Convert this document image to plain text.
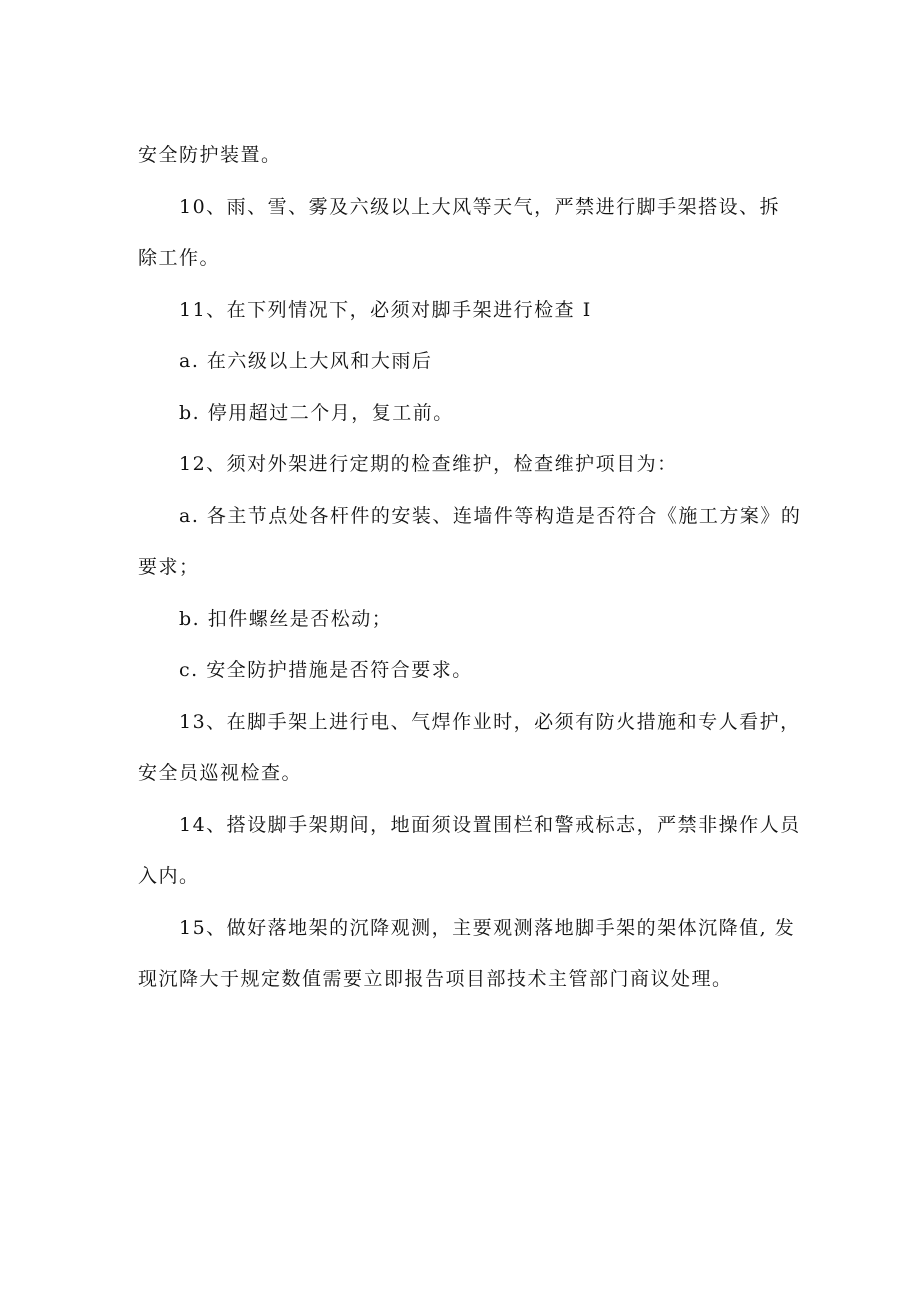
安全防护装置。
10、雨、雪、雾及六级以上大风等天气，严禁进行脚手架搭设、拆
除工作。
11、在下列情况下，必须对脚手架进行检查 I
a. 在六级以上大风和大雨后
b. 停用超过二个月，复工前。
12、须对外架进行定期的检查维护，检查维护项目为：
a. 各主节点处各杆件的安装、连墙件等构造是否符合《施工方案》的
要求；
b. 扣件螺丝是否松动；
c. 安全防护措施是否符合要求。
13、在脚手架上进行电、气焊作业时，必须有防火措施和专人看护，
安全员巡视检查。
14、搭设脚手架期间，地面须设置围栏和警戒标志，严禁非操作人员
入内。
15、做好落地架的沉降观测，主要观测落地脚手架的架体沉降值, 发
现沉降大于规定数值需要立即报告项目部技术主管部门商议处理。
